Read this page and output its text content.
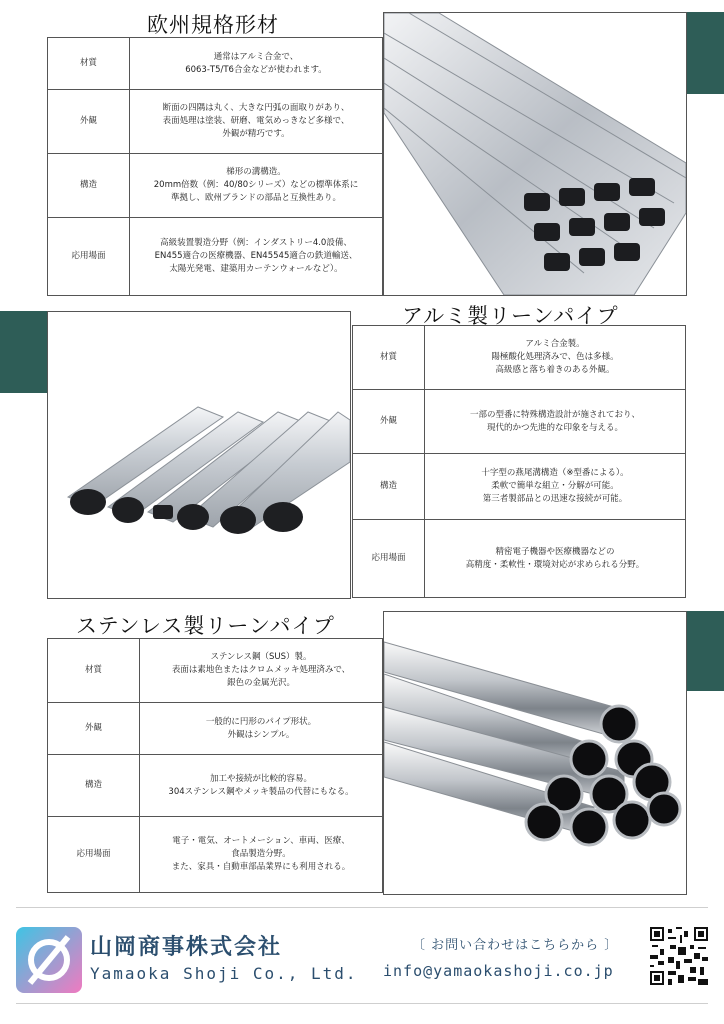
欧州規格形材
材質	通常はアルミ合金で、
6063-T5/T6合金などが使われます。
外観	断面の四隅は丸く、大きな円弧の面取りがあり、
表面処理は塗装、研磨、電気めっきなど多様で、
外観が精巧です。
構造	梯形の溝構造。
20mm倍数（例：40/80シリーズ）などの標準体系に
準拠し、欧州ブランドの部品と互換性あり。
応用場面	高級装置製造分野（例：インダストリー4.0設備、
EN455適合の医療機器、EN45545適合の鉄道輸送、
太陽光発電、建築用カーテンウォールなど）。
アルミ製リーンパイプ
材質	アルミ合金製。
陽極酸化処理済みで、色は多様。
高級感と落ち着きのある外観。
外観	一部の型番に特殊構造設計が施されており、
現代的かつ先進的な印象を与える。
構造	十字型の燕尾溝構造（※型番による）。
柔軟で簡単な組立・分解が可能。
第三者製部品との迅速な接続が可能。
応用場面	精密電子機器や医療機器などの
高精度・柔軟性・環境対応が求められる分野。
ステンレス製リーンパイプ
材質	ステンレス鋼（SUS）製。
表面は素地色またはクロムメッキ処理済みで、
銀色の金属光沢。
外観	一般的に円形のパイプ形状。
外観はシンプル。
構造	加工や接続が比較的容易。
304ステンレス鋼やメッキ製品の代替にもなる。
応用場面	電子・電気、オートメーション、車両、医療、
食品製造分野。
また、家具・自動車部品業界にも利用される。
山岡商事株式会社
Yamaoka Shoji Co., Ltd.
〔 お問い合わせはこちらから 〕
info@yamaokashoji.co.jp
